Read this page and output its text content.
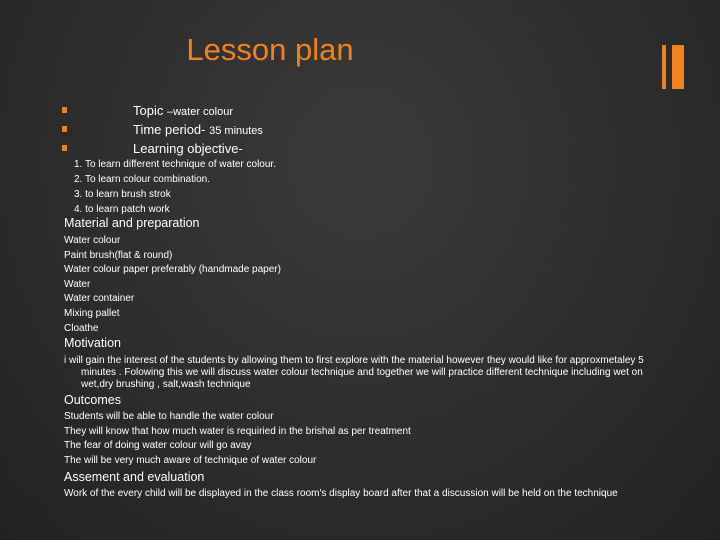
Lesson plan
Topic –water colour
Time period- 35 minutes
Learning objective-
1. To learn different technique of water colour.
2. To learn colour combination.
3. to learn brush strok
4. to learn patch work
Material and preparation
Water colour
Paint brush(flat & round)
Water colour paper preferably (handmade paper)
Water
Water container
Mixing pallet
Cloathe
Motivation
i will gain the interest of the students by allowing them to first explore with the material however they would like for approxmetaley 5 minutes . Folowing this we will discuss water colour technique and together we will practice different technique including wet on wet,dry brushing , salt,wash technique
Outcomes
Students will be able to handle the water colour
They will know that how much water is requiried in the brishal as per treatment
The fear of doing water colour will go avay
The will be very much aware of technique of water colour
Assement and evaluation
Work of the every child will be displayed in the class room's display board after that a discussion will be held on the technique
